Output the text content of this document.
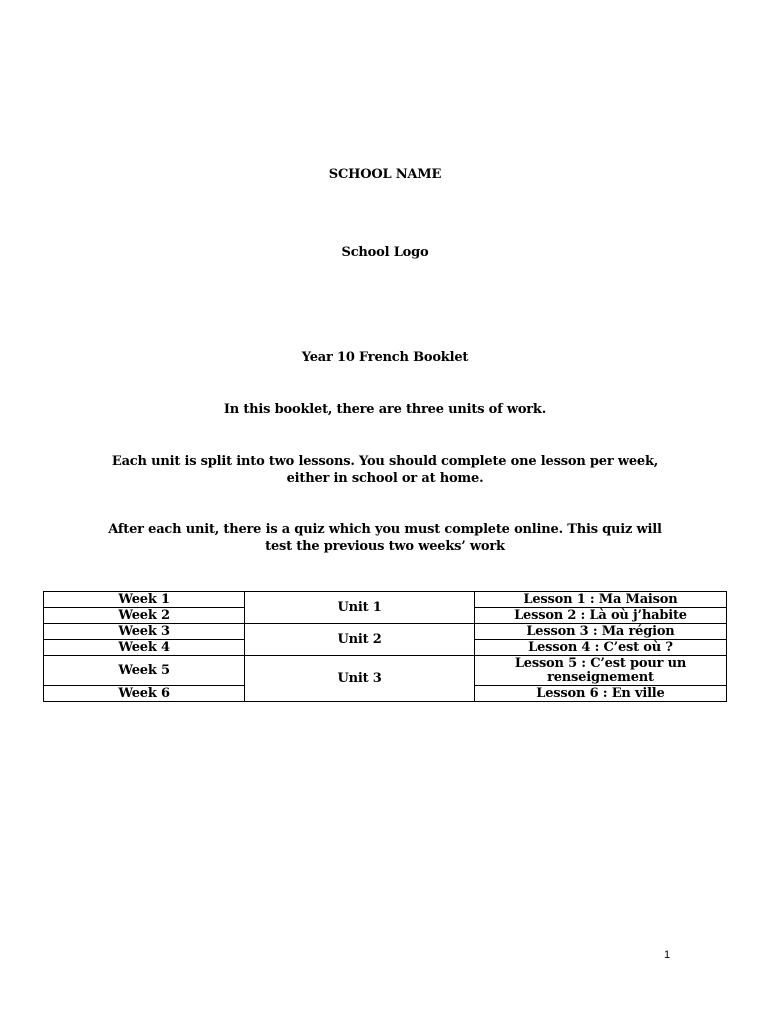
SCHOOL NAME
School Logo
Year 10 French Booklet
In this booklet, there are three units of work.
Each unit is split into two lessons. You should complete one lesson per week,
either in school or at home.
After each unit, there is a quiz which you must complete online. This quiz will
test the previous two weeks’ work
Week 1	Unit 1	Lesson 1 : Ma Maison
Week 2		Lesson 2 : Là où j’habite
Week 3	Unit 2	Lesson 3 : Ma région
Week 4		Lesson 4 : C’est où ?
Week 5	Unit 3	Lesson 5 : C’est pour un renseignement
Week 6		Lesson 6 : En ville
1
